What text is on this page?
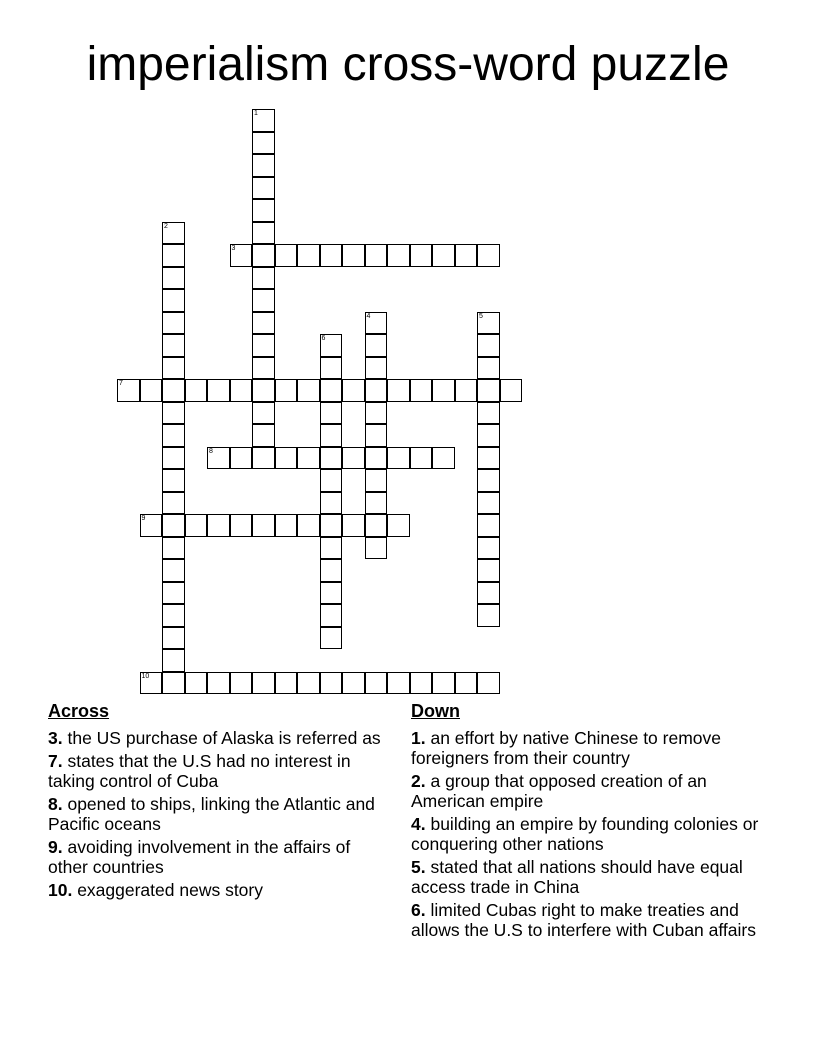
imperialism cross-word puzzle
1
2
3
4	5
6
7
8
9
10
Across
3. the US purchase of Alaska is referred as
7. states that the U.S had no interest in taking control of Cuba
8. opened to ships, linking the Atlantic and Pacific oceans
9. avoiding involvement in the affairs of other countries
10. exaggerated news story
Down
1. an effort by native Chinese to remove foreigners from their country
2. a group that opposed creation of an American empire
4. building an empire by founding colonies or conquering other nations
5. stated that all nations should have equal access trade in China
6. limited Cubas right to make treaties and allows the U.S to interfere with Cuban affairs
